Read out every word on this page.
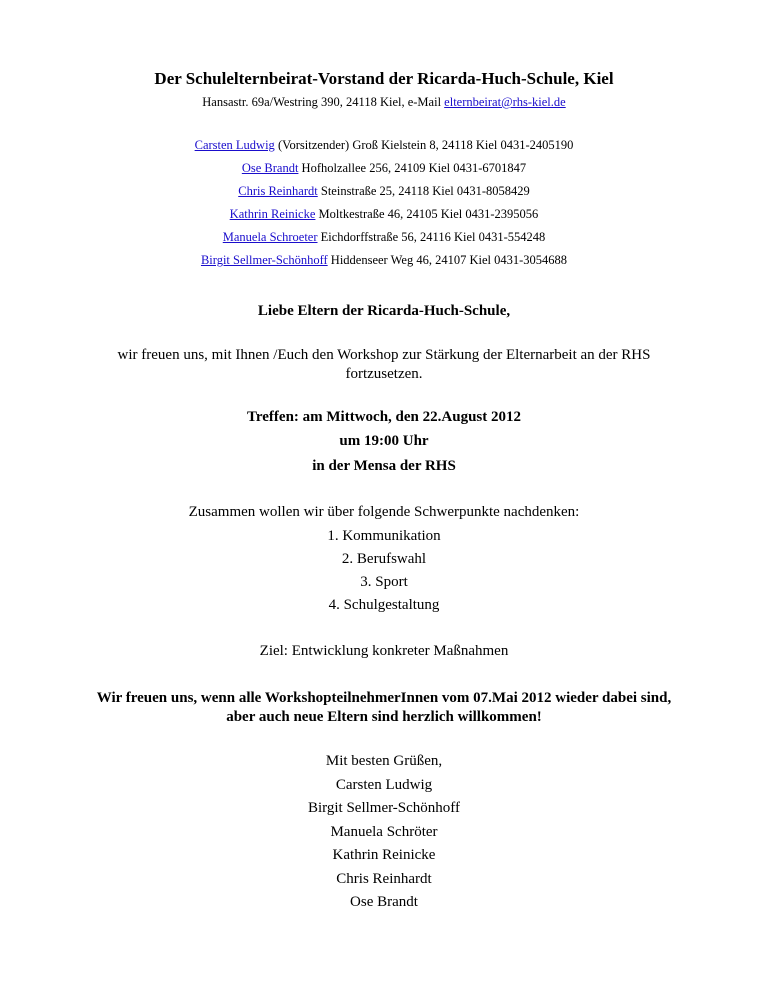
Der Schulelternbeirat-Vorstand der Ricarda-Huch-Schule, Kiel
Hansastr. 69a/Westring 390, 24118 Kiel, e-Mail elternbeirat@rhs-kiel.de
Carsten Ludwig (Vorsitzender) Groß Kielstein 8, 24118 Kiel 0431-2405190
Ose Brandt Hofholzallee 256, 24109 Kiel 0431-6701847
Chris Reinhardt Steinstraße 25, 24118 Kiel 0431-8058429
Kathrin Reinicke Moltkestraße 46, 24105 Kiel 0431-2395056
Manuela Schroeter Eichdorffstraße 56, 24116 Kiel 0431-554248
Birgit Sellmer-Schönhoff Hiddenseer Weg 46, 24107 Kiel 0431-3054688
Liebe Eltern der Ricarda-Huch-Schule,
wir freuen uns, mit Ihnen /Euch den Workshop zur Stärkung der Elternarbeit an der RHS
fortzusetzen.
Treffen: am Mittwoch, den 22.August 2012
um 19:00 Uhr
in der Mensa der RHS
Zusammen wollen wir über folgende Schwerpunkte nachdenken:
1. Kommunikation
2. Berufswahl
3. Sport
4. Schulgestaltung
Ziel: Entwicklung konkreter Maßnahmen
Wir freuen uns, wenn alle WorkshopteilnehmerInnen vom 07.Mai 2012 wieder dabei sind,
aber auch neue Eltern sind herzlich willkommen!
Mit besten Grüßen,
Carsten Ludwig
Birgit Sellmer-Schönhoff
Manuela Schröter
Kathrin Reinicke
Chris Reinhardt
Ose Brandt
